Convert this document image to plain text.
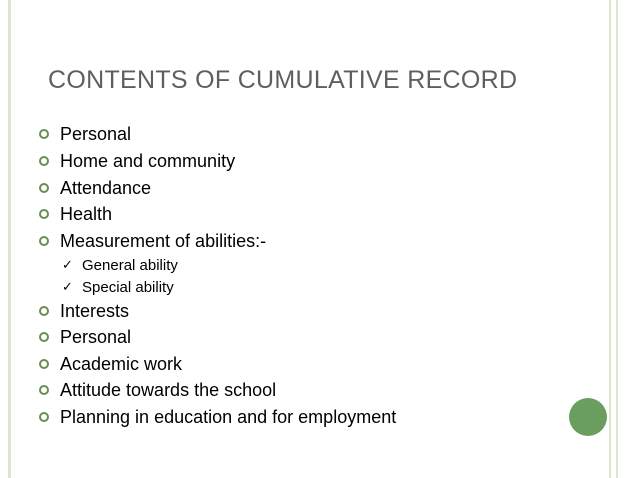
CONTENTS OF CUMULATIVE RECORD
Personal
Home and community
Attendance
Health
Measurement of abilities:-
✓ General ability
✓ Special ability
Interests
Personal
Academic work
Attitude towards the school
Planning in education and for employment
